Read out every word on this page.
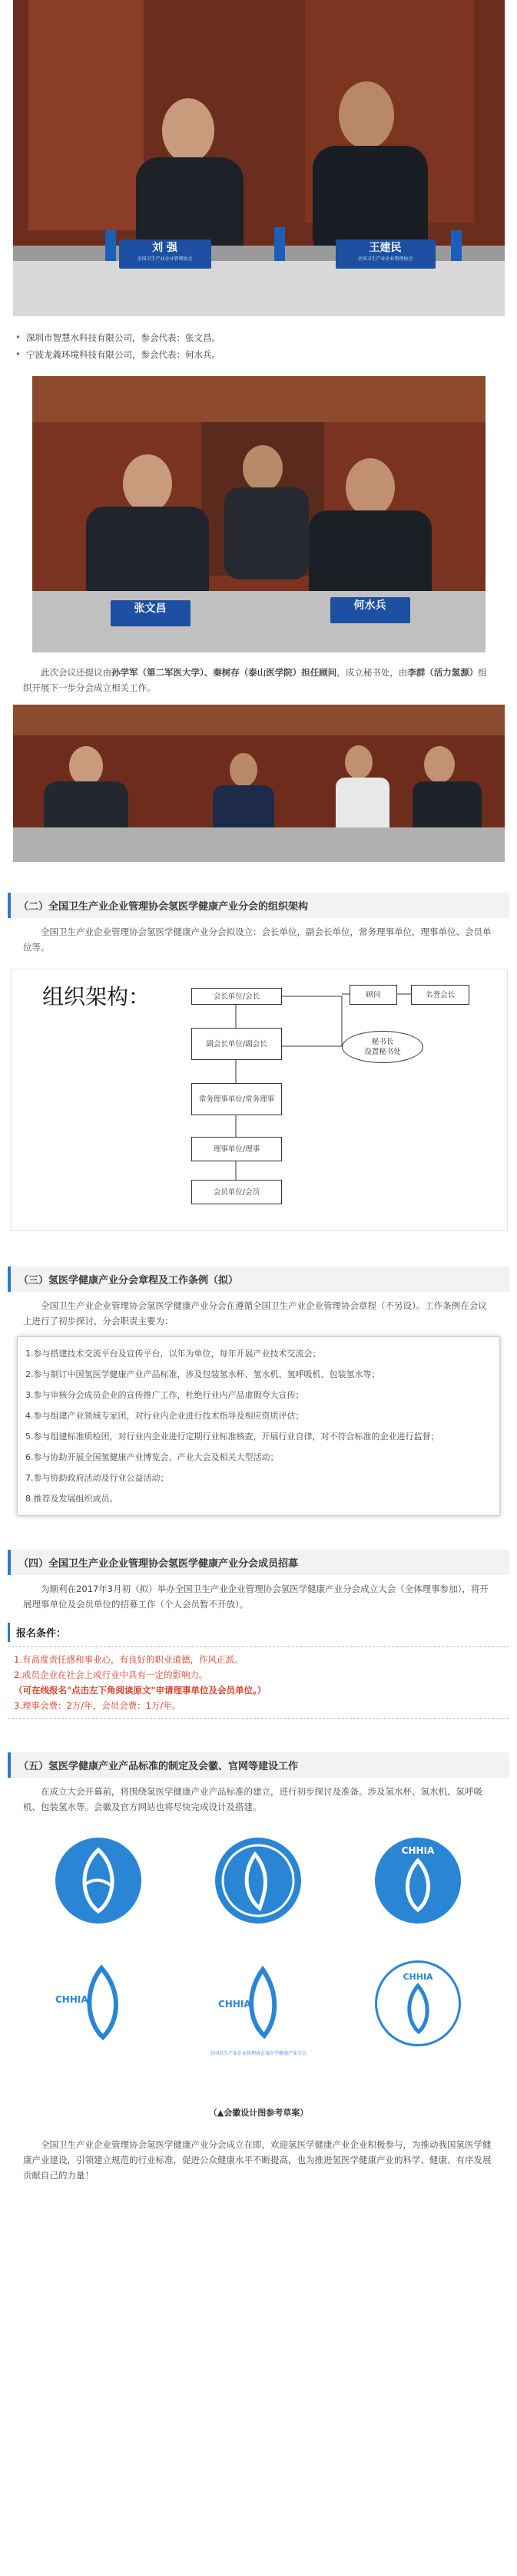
刘 强
全国卫生产业企业管理协会
王建民
全国卫生产业企业管理协会
• 深圳市智慧水科技有限公司，参会代表：张文昌。
• 宁波龙義环境科技有限公司，参会代表：何水兵。
张文昌	何水兵
此次会议还提议由孙学军（第二军医大学）、秦树存（泰山医学院）担任顾问，成立秘书处，由李群（活力氢源）组织开展下一步分会成立相关工作。
（二）全国卫生产业企业管理协会氢医学健康产业分会的组织架构
全国卫生产业企业管理协会氢医学健康产业分会拟设立：会长单位，副会长单位，常务理事单位，理事单位、会员单位等。
组织架构：	会长单位/会长
副会长单位/副会长
常务理事单位/常务理事
理事单位/理事
会员单位/会员
顾问	名誉会长
秘书长
设置秘书处
（三）氢医学健康产业分会章程及工作条例（拟）
全国卫生产业企业管理协会氢医学健康产业分会在遵循全国卫生产业企业管理协会章程（不另设）。工作条例在会议上进行了初步探讨，分会职责主要为：
1.参与搭建技术交流平台及宣传平台，以年为单位，每年开展产业技术交流会；
2.参与制订中国氢医学健康产业产品标准，涉及包装氢水杯、氢水机、氢呼吸机、包装氢水等；
3.参与审核分会成员企业的宣传推广工作，杜绝行业内产品虚假夸大宣传；
4.参与组建产业领域专家团，对行业内企业进行技术指导及相应资质评估；
5.参与组建标准质检团，对行业内企业进行定期行业标准核查，开展行业自律，对不符合标准的企业进行监督；
6.参与协助开展全国氢健康产业博览会、产业大会及相关大型活动；
7.参与协助政府活动及行业公益活动；
8.推荐及发展组织成员。
（四）全国卫生产业企业管理协会氢医学健康产业分会成员招募
为顺利在2017年3月初（拟）举办全国卫生产业企业管理协会氢医学健康产业分会成立大会（全体理事参加），将开展理事单位及会员单位的招募工作（个人会员暂不开放）。
报名条件：
1.有高度责任感和事业心，有良好的职业道德，作风正派。
2.成员企业在社会上或行业中具有一定的影响力。
（可在线报名"点击左下角阅读原文"申请理事单位及会员单位。）
3.理事会费：2万/年，会员会费：1万/年。
（五）氢医学健康产业产品标准的制定及会徽、官网等建设工作
在成立大会开幕前，将围绕氢医学健康产业产品标准的建立，进行初步探讨及准备。涉及氢水杯、氢水机、氢呼吸机、包装氢水等。会徽及官方网站也将尽快完成设计及搭建。
CHHIA
CHHIA	CHHIA
全国卫生产业企业管理协会氢医学健康产业分会
CHHIA
（▲会徽设计图参考草案）
全国卫生产业企业管理协会氢医学健康产业分会成立在即，欢迎氢医学健康产业企业积极参与，为推动我国氢医学健康产业建设，引领建立规范的行业标准，促进公众健康水平不断提高，也为推进氢医学健康产业的科学、健康、有序发展贡献自己的力量！
